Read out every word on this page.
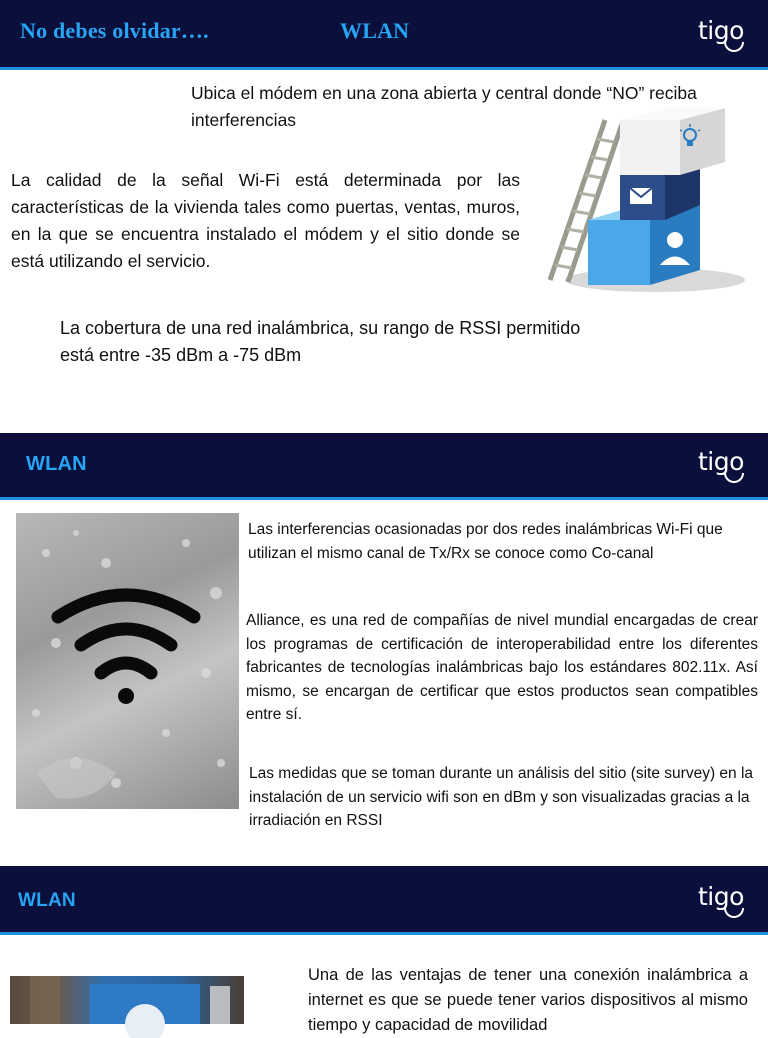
No debes olvidar….	WLAN	tigo
Ubica el módem en una zona abierta y central donde “NO” reciba interferencias
La calidad de la señal Wi-Fi está determinada por las características de la vivienda tales como puertas, ventas, muros, en la que se encuentra instalado el módem y el sitio donde se está utilizando el servicio.
La cobertura de una red inalámbrica, su rango de RSSI permitido está entre -35 dBm a -75 dBm
WLAN	tigo
Las interferencias ocasionadas por dos redes inalámbricas Wi-Fi que utilizan el mismo canal de Tx/Rx se conoce como Co-canal
Alliance, es una red de compañías de nivel mundial encargadas de crear los programas de certificación de interoperabilidad entre los diferentes fabricantes de tecnologías inalámbricas bajo los estándares 802.11x. Así mismo, se encargan de certificar que estos productos sean compatibles entre sí.
Las medidas que se toman durante un análisis del sitio (site survey) en la instalación de un servicio wifi son en dBm y son visualizadas gracias a la irradiación en RSSI
WLAN	tigo
Una de las ventajas de tener una conexión inalámbrica a internet es que se puede tener varios dispositivos al mismo tiempo y capacidad de movilidad
